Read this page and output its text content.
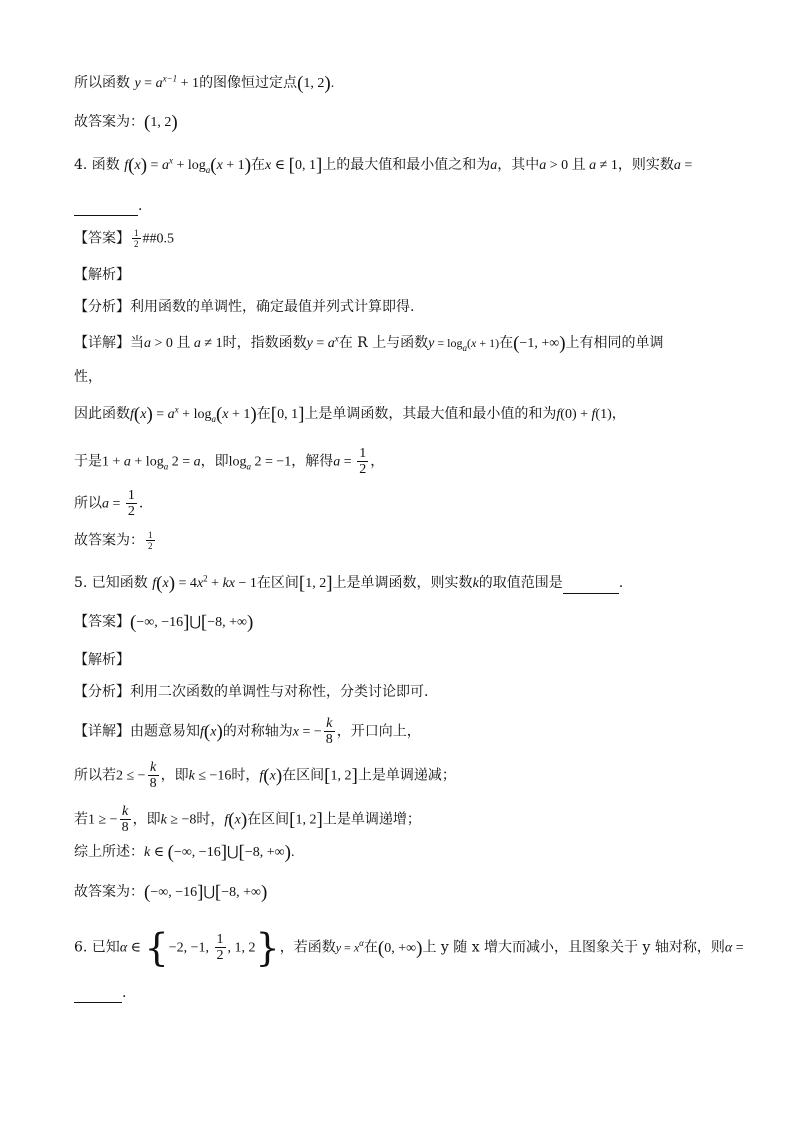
所以函数 $y = a^{x-1} + 1$的图像恒过定点(1, 2).
故答案为：(1, 2)
4. 函数 $f(x) = a^x + \log_a(x + 1)$在x ∈ [0, 1]上的最大值和最小值之和为a，其中a > 0 且 a ≠ 1，则实数a =
.
【答案】 $\frac{1}{2}$ ##0.5
【解析】
【分析】利用函数的单调性，确定最值并列式计算即得.
【详解】当a > 0 且 a ≠ 1时，指数函数$y = a^x$在 R 上与函数$y = \log_a(x + 1)$在(−1, +∞)上有相同的单调
性，
因此函数$f(x) = a^x + \log_a(x + 1)$在[0, 1]上是单调函数，其最大值和最小值的和为f(0) + f(1)，
于是$1 + a + \log_a 2 = a$，即$\log_a 2 = -1$，解得$a = \frac{1}{2}$ ，
所以$a = \frac{1}{2}$ .
故答案为： $\frac{1}{2}$
5. 已知函数 $f(x) = 4x^2$ + kx − 1在区间[1, 2]上是单调函数，则实数k的取值范围是	.
【答案】(−∞, −16]⋃[−8, +∞)
【解析】
【分析】利用二次函数的单调性与对称性，分类讨论即可.
【详解】由题意易知f(x)的对称轴为x = − $\frac{k}{8}$ ，开口向上，
所以若2 ≤ − $\frac{k}{8}$ ，即k ≤ −16时，f(x)在区间[1, 2]上是单调递减；
若1 ≥ − $\frac{k}{8}$ ，即k ≥ −8时，f(x)在区间[1, 2]上是单调递增；
综上所述：k ∈ (−∞, −16]⋃[−8, +∞).
故答案为：(−∞, −16]⋃[−8, +∞)
6. 已知α ∈ {−2, −1, $\frac{1}{2}$ , 1, 2}，若函数$y = x^\alpha$在(0, +∞)上 y 随 x 增大而减小，且图象关于 y 轴对称，则α =
.
